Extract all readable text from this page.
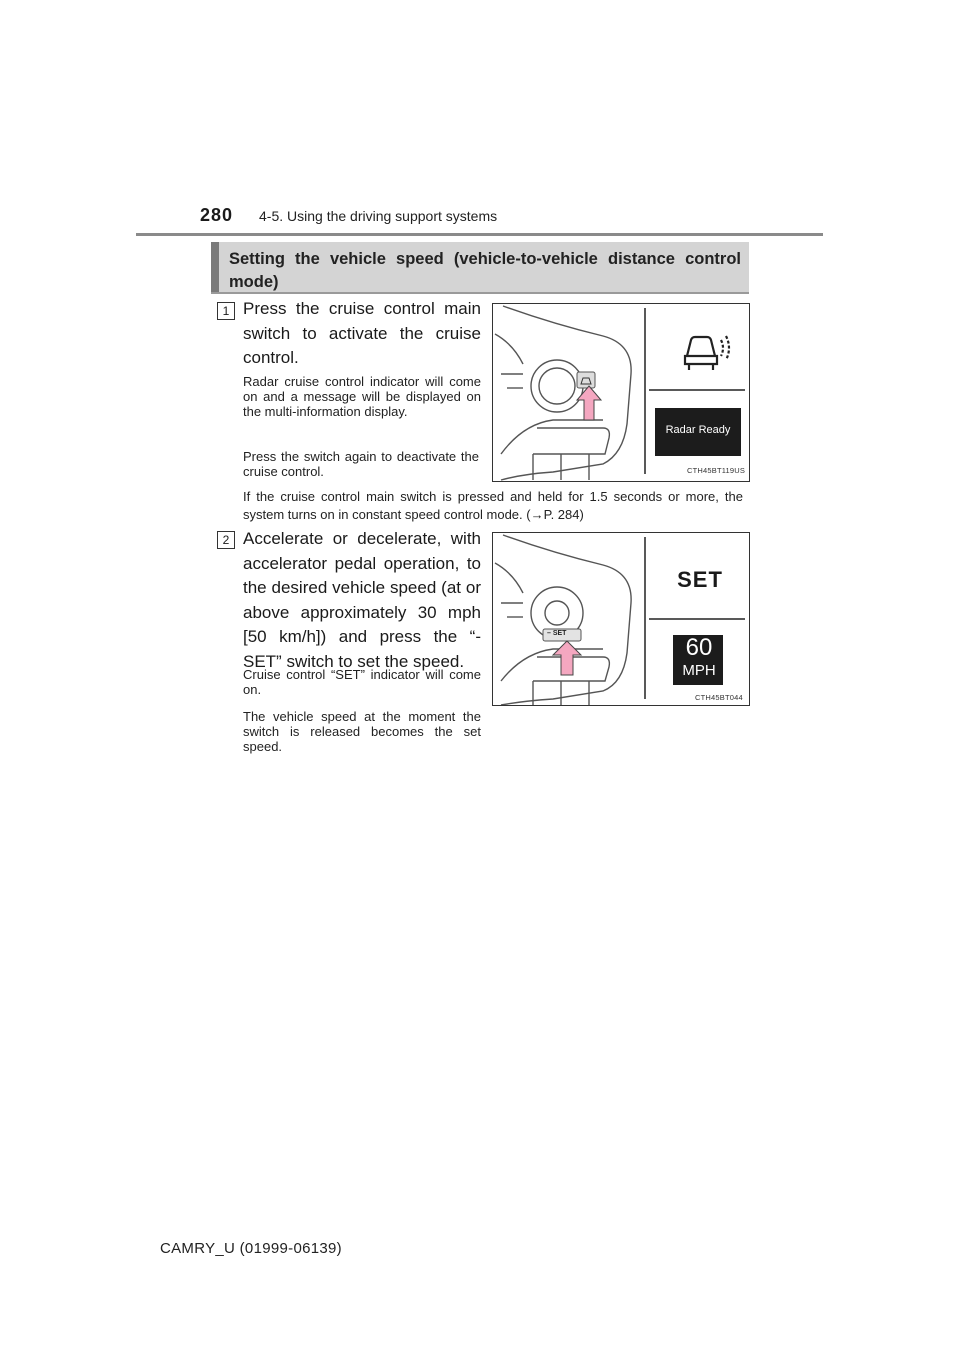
280 4-5. Using the driving support systems
Setting the vehicle speed (vehicle-to-vehicle distance control mode)
1 Press the cruise control main switch to activate the cruise control.
Radar cruise control indicator will come on and a message will be displayed on the multi-information display.
Press the switch again to deactivate the cruise control.
Radar Ready
CTH45BT119US
If the cruise control main switch is pressed and held for 1.5 seconds or more, the system turns on in constant speed control mode. (→P. 284)
2 Accelerate or decelerate, with accelerator pedal operation, to the desired vehicle speed (at or above approximately 30 mph [50 km/h]) and press the “-SET” switch to set the speed.
Cruise control “SET” indicator will come on.
The vehicle speed at the moment the switch is released becomes the set speed.
– SET
SET
60
MPH
CTH45BT044
CAMRY_U (01999-06139)
